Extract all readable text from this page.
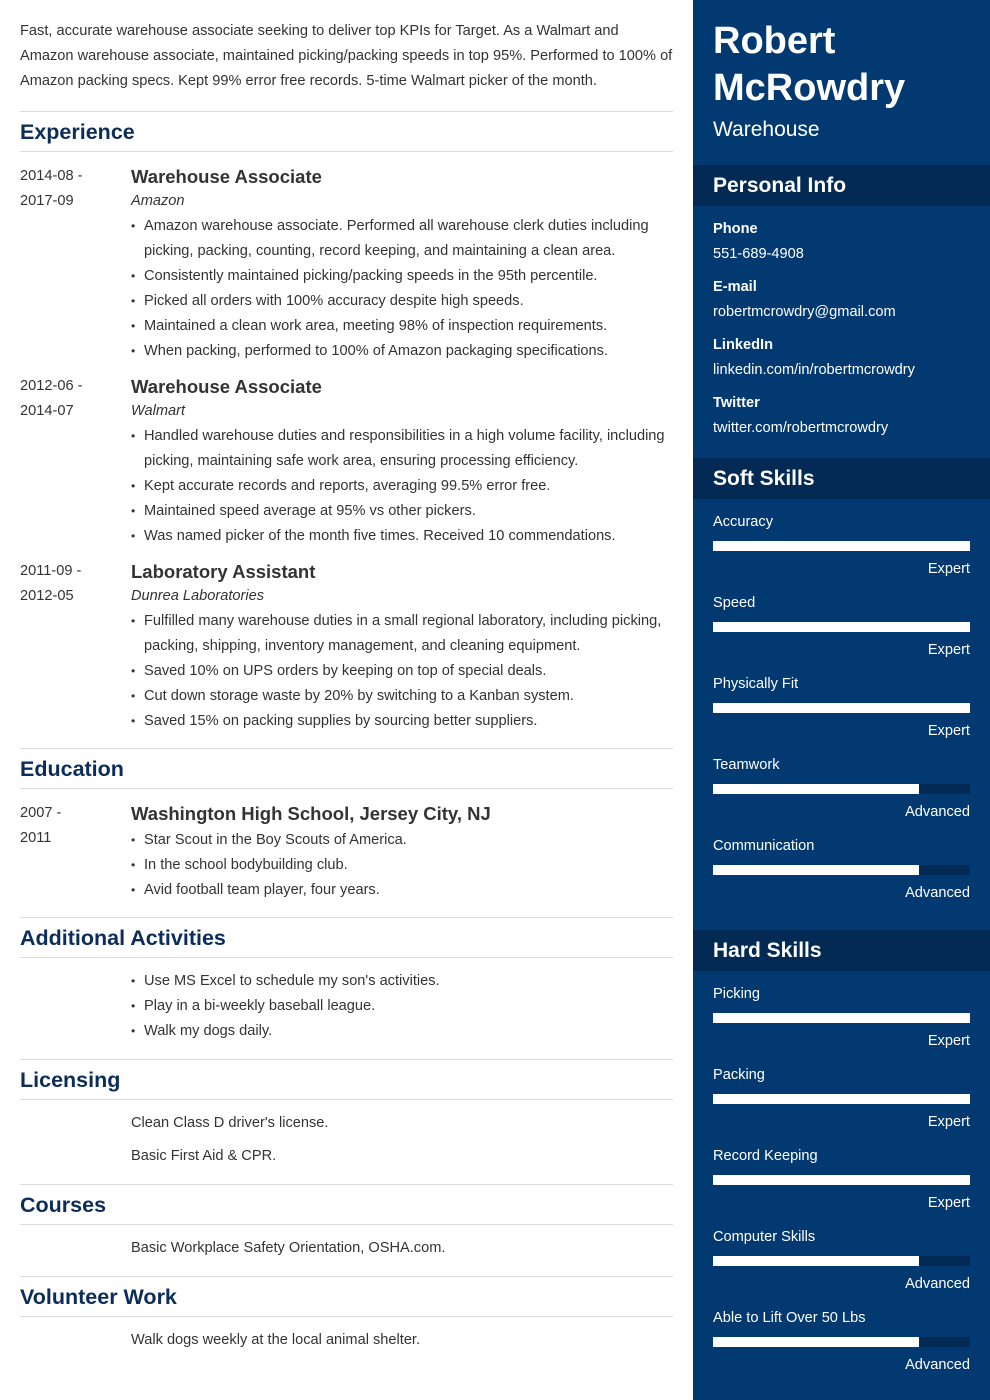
Fast, accurate warehouse associate seeking to deliver top KPIs for Target. As a Walmart and Amazon warehouse associate, maintained picking/packing speeds in top 95%. Performed to 100% of Amazon packing specs. Kept 99% error free records. 5-time Walmart picker of the month.

Experience
2014-08 -
2017-09
Warehouse Associate
Amazon
• Amazon warehouse associate. Performed all warehouse clerk duties including picking, packing, counting, record keeping, and maintaining a clean area.
• Consistently maintained picking/packing speeds in the 95th percentile.
• Picked all orders with 100% accuracy despite high speeds.
• Maintained a clean work area, meeting 98% of inspection requirements.
• When packing, performed to 100% of Amazon packaging specifications.
2012-06 -
2014-07
Warehouse Associate
Walmart
• Handled warehouse duties and responsibilities in a high volume facility, including picking, maintaining safe work area, ensuring processing efficiency.
• Kept accurate records and reports, averaging 99.5% error free.
• Maintained speed average at 95% vs other pickers.
• Was named picker of the month five times. Received 10 commendations.
2011-09 -
2012-05
Laboratory Assistant
Dunrea Laboratories
• Fulfilled many warehouse duties in a small regional laboratory, including picking, packing, shipping, inventory management, and cleaning equipment.
• Saved 10% on UPS orders by keeping on top of special deals.
• Cut down storage waste by 20% by switching to a Kanban system.
• Saved 15% on packing supplies by sourcing better suppliers.
Education
2007 -
2011
Washington High School, Jersey City, NJ
• Star Scout in the Boy Scouts of America.
• In the school bodybuilding club.
• Avid football team player, four years.
Additional Activities
• Use MS Excel to schedule my son's activities.
• Play in a bi-weekly baseball league.
• Walk my dogs daily.
Licensing
Clean Class D driver's license.
Basic First Aid & CPR.
Courses
Basic Workplace Safety Orientation, OSHA.com.
Volunteer Work
Walk dogs weekly at the local animal shelter.
Robert
McRowdry
Warehouse
Personal Info
Phone
551-689-4908
E-mail
robertmcrowdry@gmail.com
LinkedIn
linkedin.com/in/robertmcrowdry
Twitter
twitter.com/robertmcrowdry
Soft Skills
Accuracy
Expert
Speed
Expert
Physically Fit
Expert
Teamwork
Advanced
Communication
Advanced
Hard Skills
Picking
Expert
Packing
Expert
Record Keeping
Expert
Computer Skills
Advanced
Able to Lift Over 50 Lbs
Advanced
